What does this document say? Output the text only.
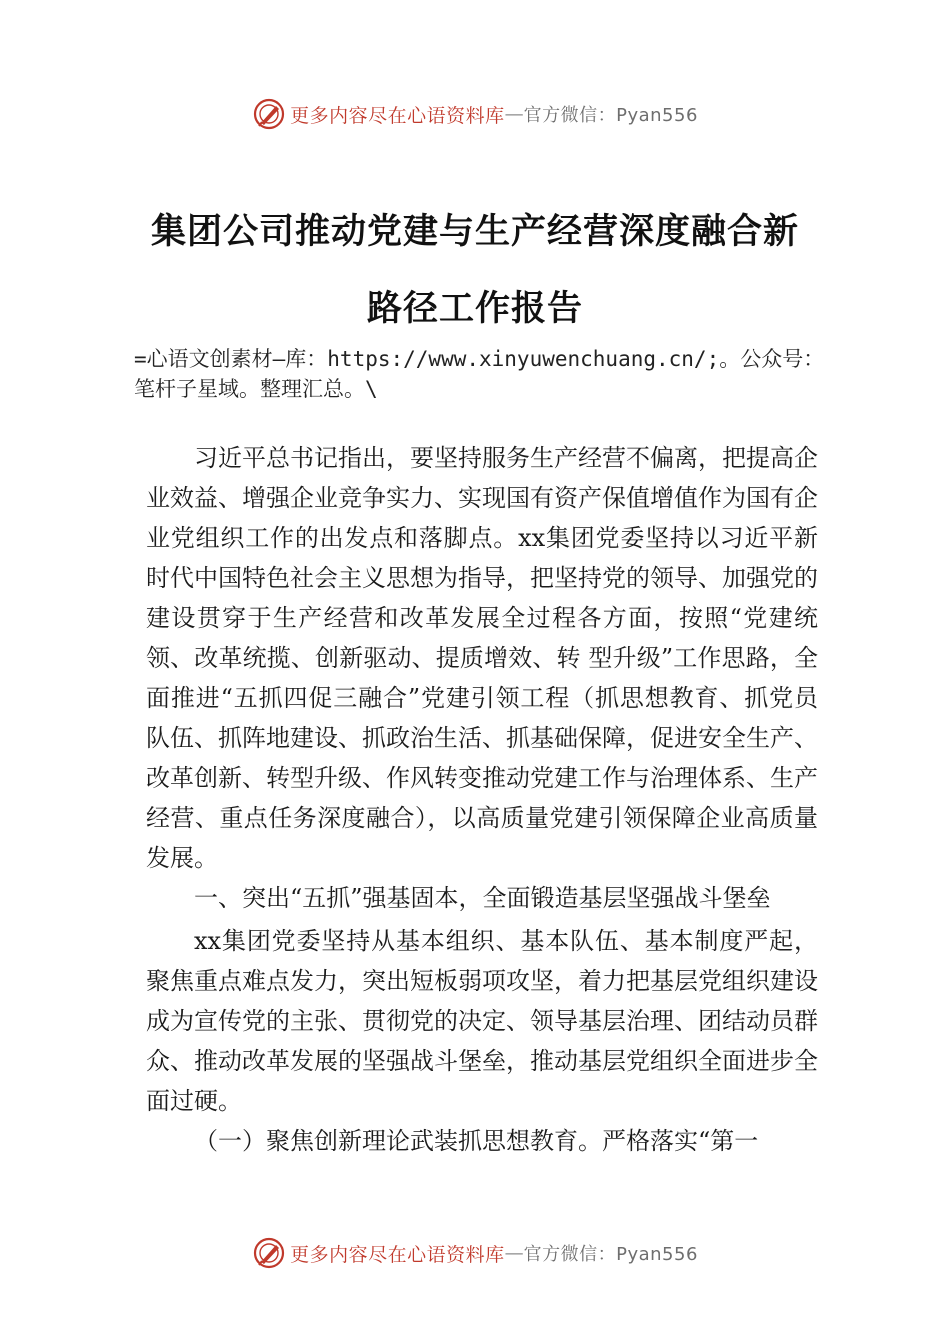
更多内容尽在心语资料库 — 官方微信：Pyan556
集团公司推动党建与生产经营深度融合新
路径工作报告
=心语文创素材—库：https://www.xinyuwenchuang.cn/;。公众号：笔杆子星域。整理汇总。\

习近平总书记指出，要坚持服务生产经营不偏离，把提高企业效益、增强企业竞争实力、实现国有资产保值增值作为国有企业党组织工作的出发点和落脚点。xx集团党委坚持以习近平新时代中国特色社会主义思想为指导，把坚持党的领导、加强党的建设贯穿于生产经营和改革发展全过程各方面，按照“党建统领、改革统揽、创新驱动、提质增效、转 型升级”工作思路，全面推进“五抓四促三融合”党建引领工程（抓思想教育、抓党员队伍、抓阵地建设、抓政治生活、抓基础保障，促进安全生产、改革创新、转型升级、作风转变推动党建工作与治理体系、生产经营、重点任务深度融合），以高质量党建引领保障企业高质量发展。

一、突出“五抓”强基固本，全面锻造基层坚强战斗堡垒

xx集团党委坚持从基本组织、基本队伍、基本制度严起，聚焦重点难点发力，突出短板弱项攻坚，着力把基层党组织建设成为宣传党的主张、贯彻党的决定、领导基层治理、团结动员群众、推动改革发展的坚强战斗堡垒，推动基层党组织全面进步全面过硬。

（一）聚焦创新理论武装抓思想教育。严格落实“第一

更多内容尽在心语资料库 — 官方微信：Pyan556
